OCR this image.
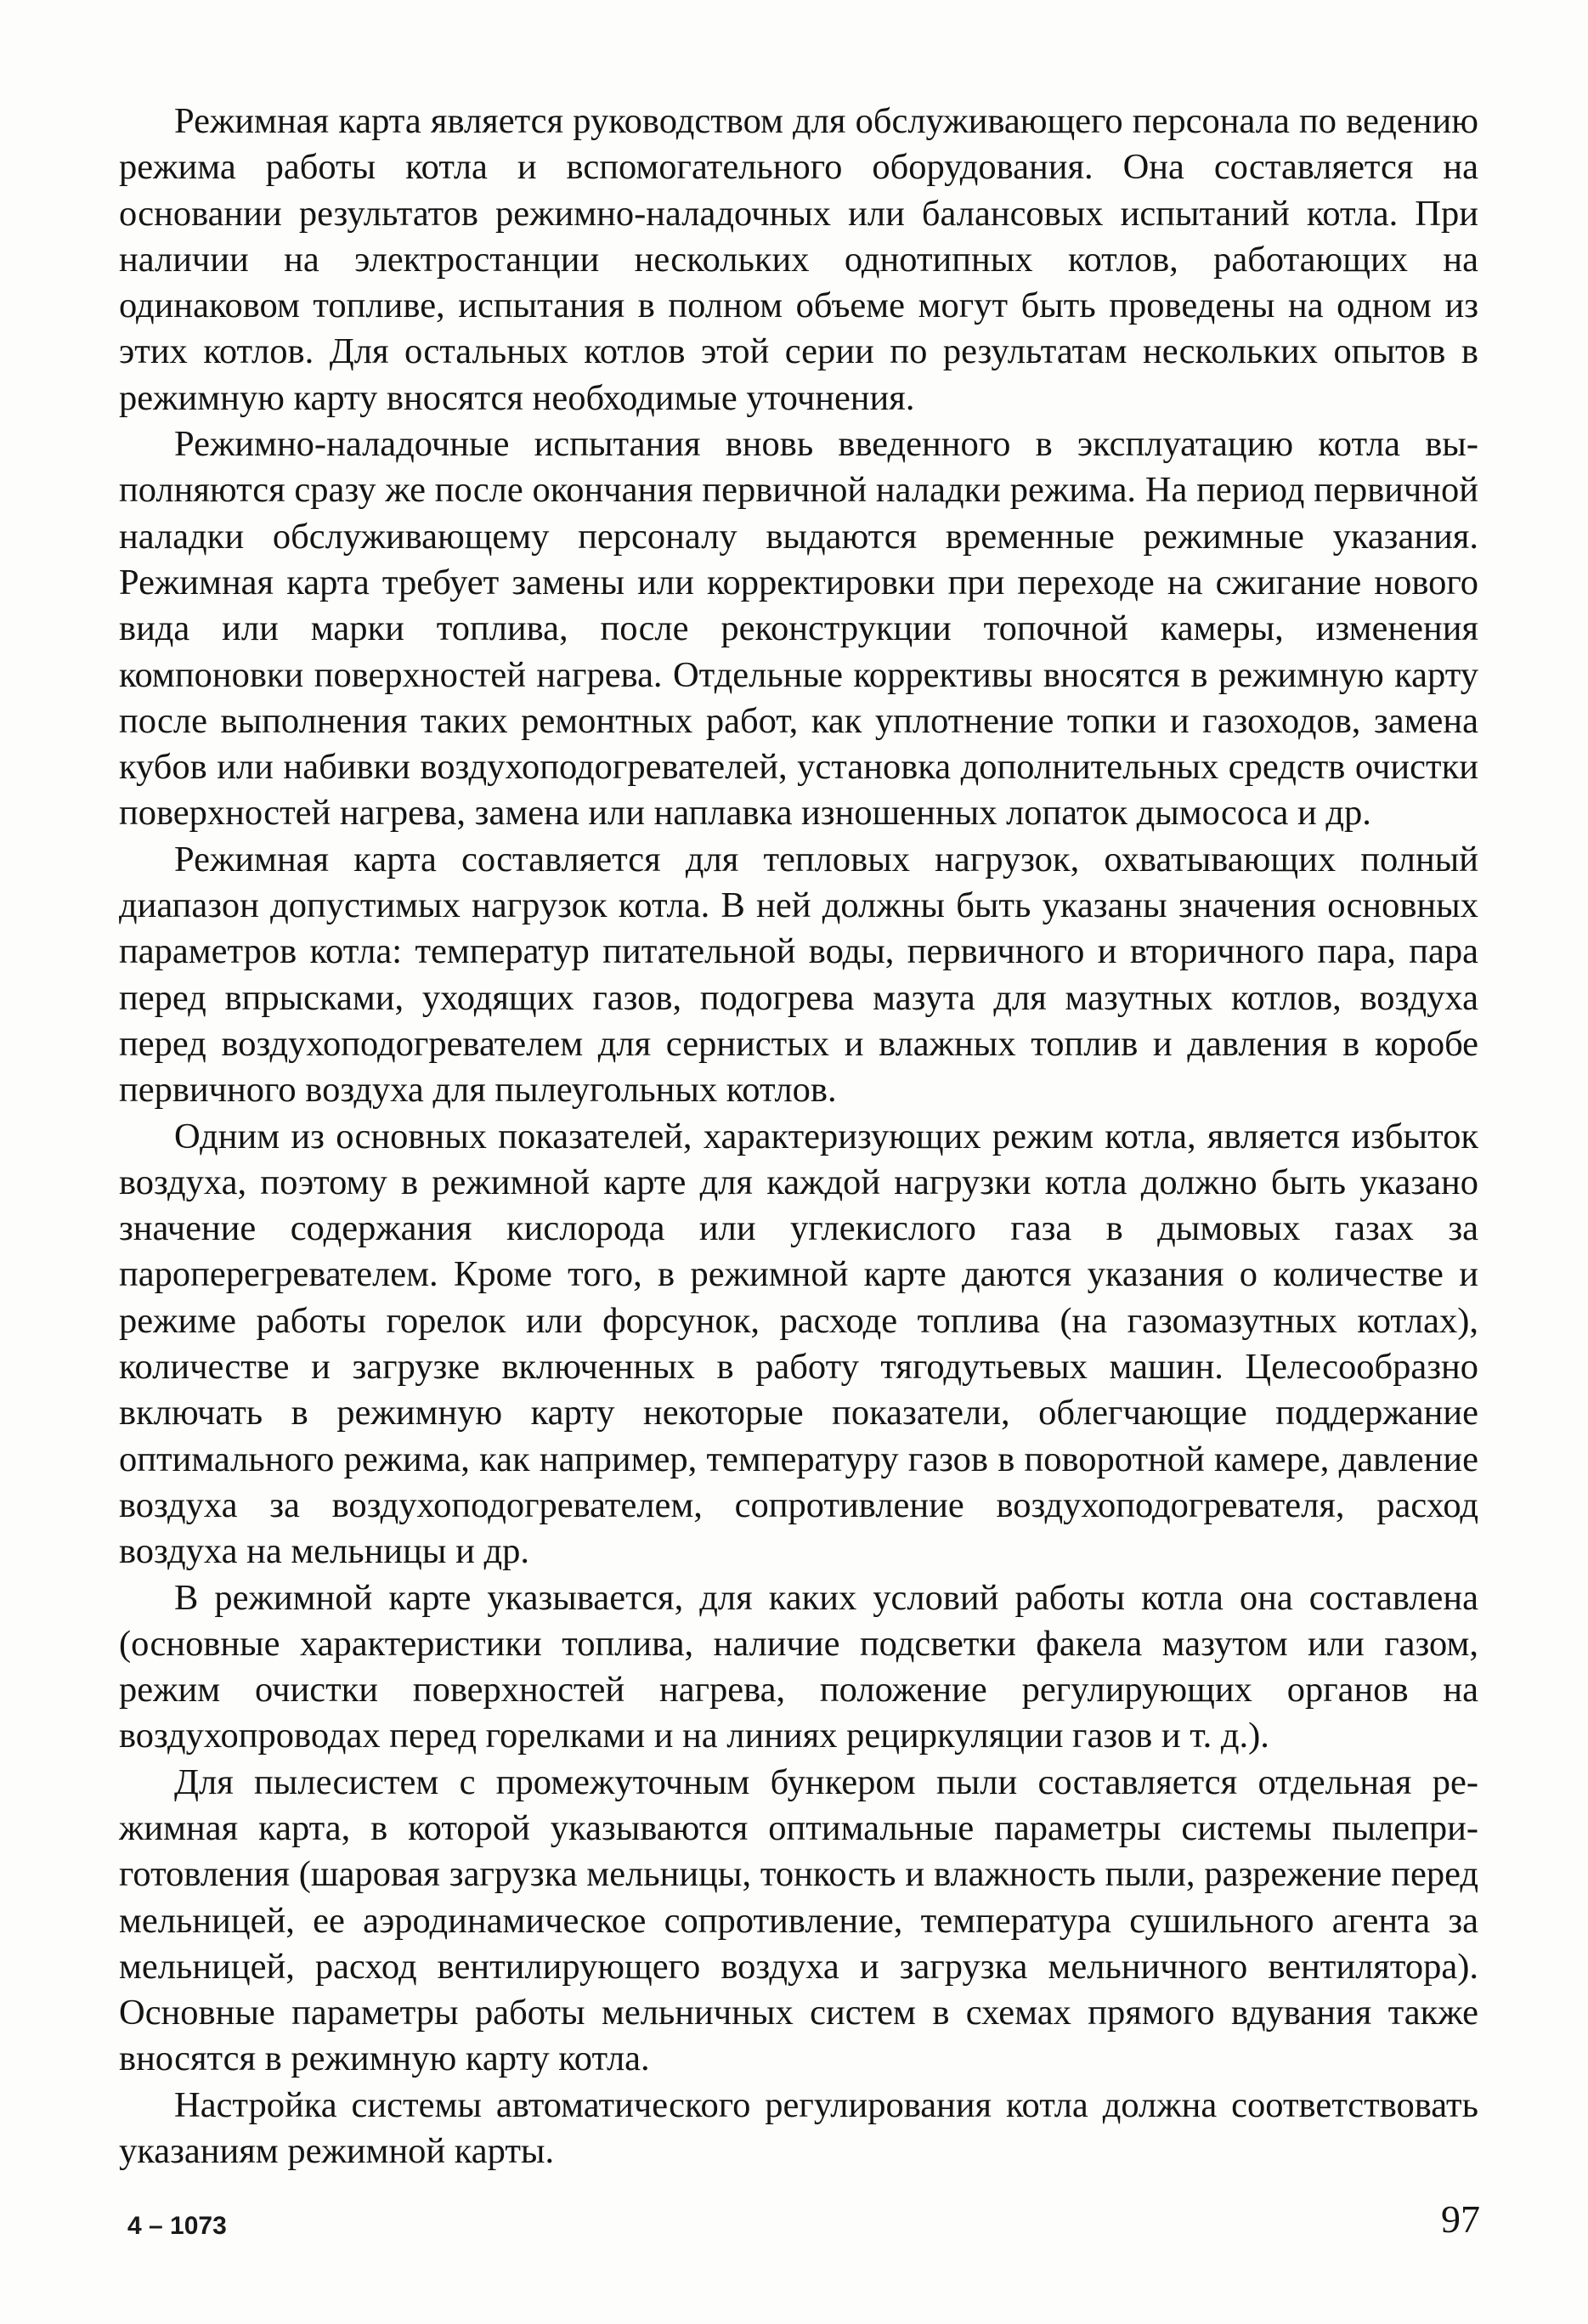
Режимная карта является руководством для обслуживающего персонала по ведению режима работы котла и вспомогательного оборудования. Она составляется на основании результатов режимно-наладочных или балансовых испытаний котла. При наличии на электростанции нескольких однотипных котлов, работающих на одинаковом топливе, испытания в полном объеме могут быть проведены на одном из этих котлов. Для остальных котлов этой серии по результатам нескольких опытов в режимную карту вносятся необходимые уточнения.

Режимно-наладочные испытания вновь введенного в эксплуатацию котла выполняются сразу же после окончания первичной наладки режима. На период первичной наладки обслуживающему персоналу выдаются временные режимные указания. Режимная карта требует замены или корректировки при переходе на сжигание нового вида или марки топлива, после реконструкции топочной камеры, изменения компоновки поверхностей нагрева. Отдельные коррективы вносятся в режимную карту после выполнения таких ремонтных работ, как уплотнение топки и газоходов, замена кубов или набивки воздухоподогревателей, установка дополнительных средств очистки поверхностей нагрева, замена или наплавка изношенных лопаток дымососа и др.

Режимная карта составляется для тепловых нагрузок, охватывающих полный диапазон допустимых нагрузок котла. В ней должны быть указаны значения основных параметров котла: температур питательной воды, первичного и вторичного пара, пара перед впрысками, уходящих газов, подогрева мазута для мазутных котлов, воздуха перед воздухоподогревателем для сернистых и влажных топлив и давления в коробе первичного воздуха для пылеугольных котлов.

Одним из основных показателей, характеризующих режим котла, является избыток воздуха, поэтому в режимной карте для каждой нагрузки котла должно быть указано значение содержания кислорода или углекислого газа в дымовых газах за пароперегревателем. Кроме того, в режимной карте даются указания о количестве и режиме работы горелок или форсунок, расходе топлива (на газомазутных котлах), количестве и загрузке включенных в работу тягодутьевых машин. Целесообразно включать в режимную карту некоторые показатели, облегчающие поддержание оптимального режима, как например, температуру газов в поворотной камере, давление воздуха за воздухоподогревателем, сопротивление воздухоподогревателя, расход воздуха на мельницы и др.

В режимной карте указывается, для каких условий работы котла она составлена (основные характеристики топлива, наличие подсветки факела мазутом или газом, режим очистки поверхностей нагрева, положение регулирующих органов на воздухопроводах перед горелками и на линиях рециркуляции газов и т. д.).

Для пылесистем с промежуточным бункером пыли составляется отдельная режимная карта, в которой указываются оптимальные параметры системы пылеприготовления (шаровая загрузка мельницы, тонкость и влажность пыли, разрежение перед мельницей, ее аэродинамическое сопротивление, температура сушильного агента за мельницей, расход вентилирующего воздуха и загрузка мельничного вентилятора). Основные параметры работы мельничных систем в схемах прямого вдувания также вносятся в режимную карту котла.

Настройка системы автоматического регулирования котла должна соответствовать указаниям режимной карты.

4 – 1073	97
